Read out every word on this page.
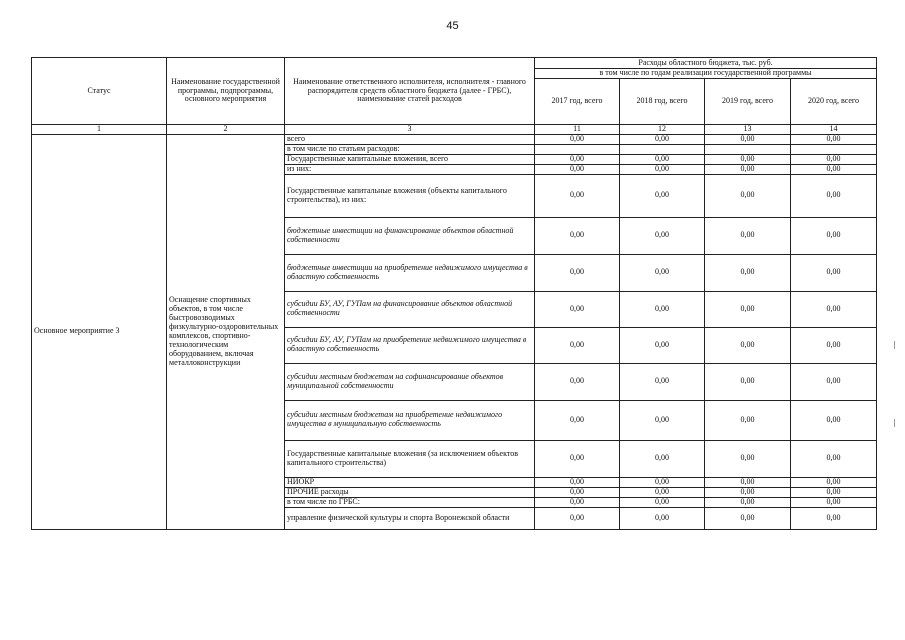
45
Статус	Наименование государственной программы, подпрограммы, основного мероприятия	Наименование ответственного исполнителя, исполнителя - главного распорядителя средств областного бюджета (далее - ГРБС), наименование статей расходов	Расходы областного бюджета, тыс. руб.			
			в том числе по годам реализации государственной программы			
			2017 год, всего	2018 год, всего	2019 год, всего	2020 год, всего
1	2	3	11	12	13	14
Основное мероприятие 3	Оснащение спортивных объектов, в том числе быстровозводимых физкультурно-оздоровительных комплексов, спортивно-технологическим оборудованием, включая металлоконструкции	всего	0,00	0,00	0,00	0,00
		в том числе по статьям расходов:				
		Государственные капитальные вложения, всего	0,00	0,00	0,00	0,00
		из них:	0,00	0,00	0,00	0,00
		Государственные капитальные вложения (объекты капитального строительства), из них:	0,00	0,00	0,00	0,00
		бюджетные инвестиции на финансирование объектов областной собственности	0,00	0,00	0,00	0,00
		бюджетные инвестиции на приобретение недвижимого имущества в областную собственность	0,00	0,00	0,00	0,00
		субсидии БУ, АУ, ГУПам на финансирование объектов областной собственности	0,00	0,00	0,00	0,00
		субсидии БУ, АУ, ГУПам на приобретение недвижимого имущества в областную собственность	0,00	0,00	0,00	0,00
		субсидии местным бюджетам на софинансирование объектов муниципальной собственности	0,00	0,00	0,00	0,00
		субсидии местным бюджетам на приобретение недвижимого имущества в муниципальную собственность	0,00	0,00	0,00	0,00
		Государственные капитальные вложения (за исключением объектов капитального строительства)	0,00	0,00	0,00	0,00
		НИОКР	0,00	0,00	0,00	0,00
		ПРОЧИЕ расходы	0,00	0,00	0,00	0,00
		в том числе по ГРБС:	0,00	0,00	0,00	0,00
		управление физической культуры и спорта Воронежской области	0,00	0,00	0,00	0,00
